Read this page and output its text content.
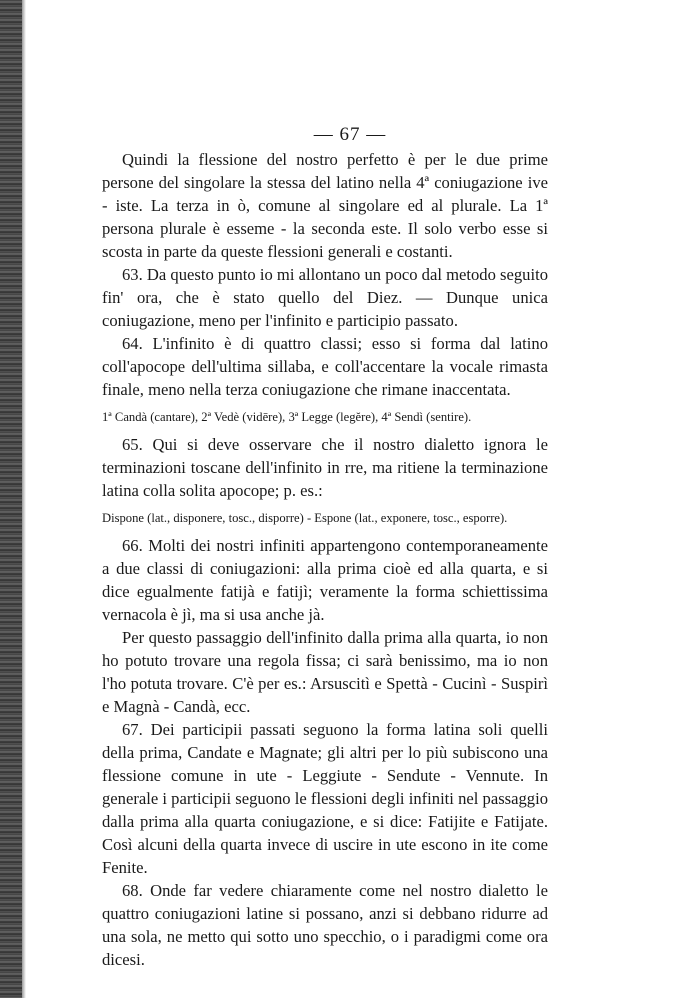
— 67 —

Quindi la flessione del nostro perfetto è per le due prime persone del singolare la stessa del latino nella 4ª coniugazione ive - iste. La terza in ò, comune al singolare ed al plurale. La 1ª persona plurale è esseme - la seconda este. Il solo verbo esse si scosta in parte da queste flessioni generali e costanti.

63. Da questo punto io mi allontano un poco dal metodo seguito fin' ora, che è stato quello del Diez. — Dunque unica coniugazione, meno per l'infinito e participio passato.

64. L'infinito è di quattro classi; esso si forma dal latino coll'apocope dell'ultima sillaba, e coll'accentare la vocale rimasta finale, meno nella terza coniugazione che rimane inaccentata.

1ª Candà (cantare), 2ª Vedè (vidēre), 3ª Legge (legĕre), 4ª Sendì (sentire).

65. Qui si deve osservare che il nostro dialetto ignora le terminazioni toscane dell'infinito in rre, ma ritiene la terminazione latina colla solita apocope; p. es.:

Dispone (lat., disponere, tosc., disporre) - Espone (lat., exponere, tosc., esporre).

66. Molti dei nostri infiniti appartengono contemporaneamente a due classi di coniugazioni: alla prima cioè ed alla quarta, e si dice egualmente fatijà e fatijì; veramente la forma schiettissima vernacola è jì, ma si usa anche jà.

Per questo passaggio dell'infinito dalla prima alla quarta, io non ho potuto trovare una regola fissa; ci sarà benissimo, ma io non l'ho potuta trovare. C'è per es.: Arsuscitì e Spettà - Cucinì - Suspirì e Magnà - Candà, ecc.

67. Dei participii passati seguono la forma latina soli quelli della prima, Candate e Magnate; gli altri per lo più subiscono una flessione comune in ute - Leggiute - Sendute - Vennute. In generale i participii seguono le flessioni degli infiniti nel passaggio dalla prima alla quarta coniugazione, e si dice: Fatijite e Fatijate. Così alcuni della quarta invece di uscire in ute escono in ite come Fenite.

68. Onde far vedere chiaramente come nel nostro dialetto le quattro coniugazioni latine si possano, anzi si debbano ridurre ad una sola, ne metto qui sotto uno specchio, o i paradigmi come ora dicesi.
